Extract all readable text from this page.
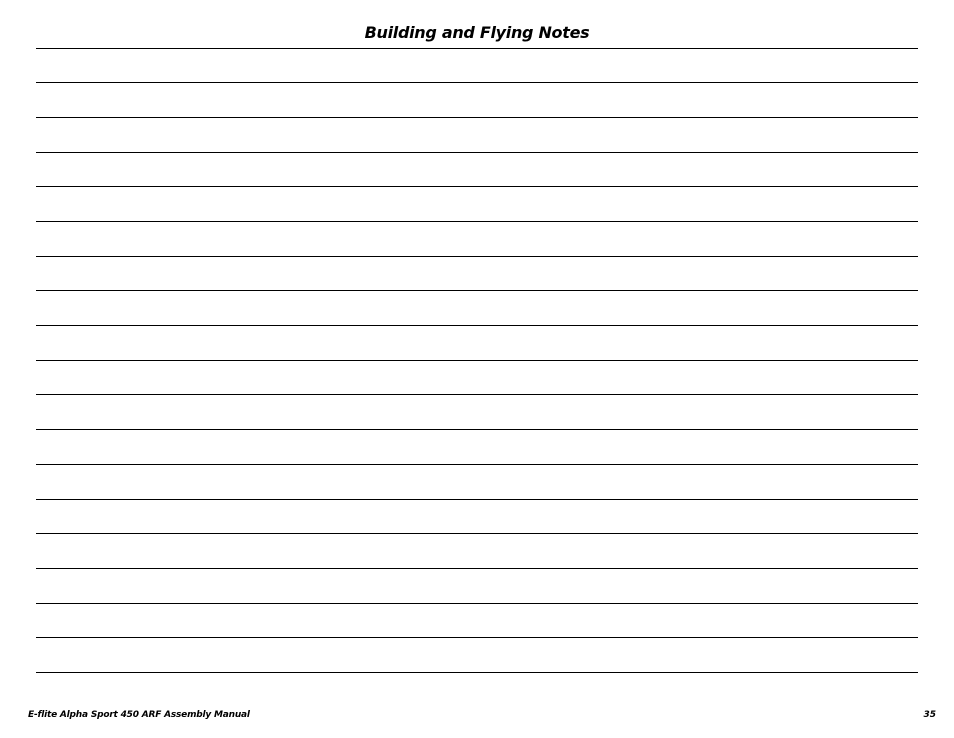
Building and Flying Notes
E-flite Alpha Sport 450 ARF Assembly Manual	35
